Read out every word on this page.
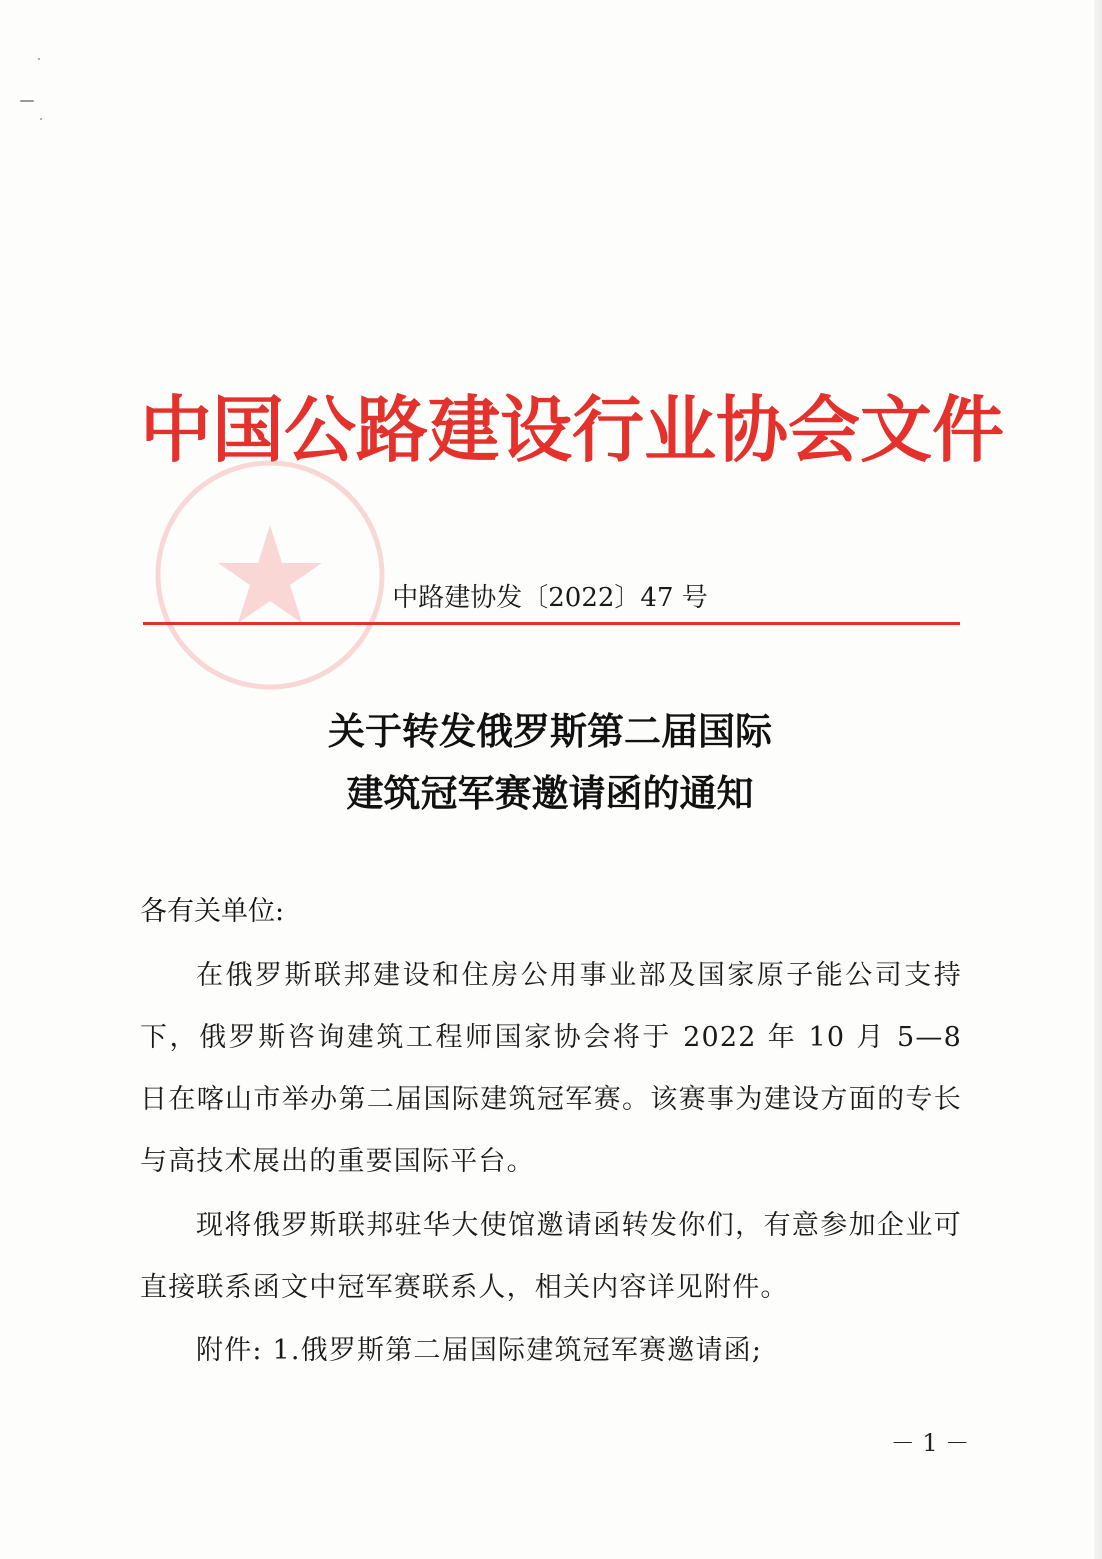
中国公路建设行业协会文件
中路建协发〔2022〕47 号
关于转发俄罗斯第二届国际
建筑冠军赛邀请函的通知
各有关单位:
在俄罗斯联邦建设和住房公用事业部及国家原子能公司支持下，俄罗斯咨询建筑工程师国家协会将于 2022 年 10 月 5—8 日在喀山市举办第二届国际建筑冠军赛。该赛事为建设方面的专长与高技术展出的重要国际平台。
现将俄罗斯联邦驻华大使馆邀请函转发你们，有意参加企业可直接联系函文中冠军赛联系人，相关内容详见附件。
附件: 1.俄罗斯第二届国际建筑冠军赛邀请函;
－ 1 －
